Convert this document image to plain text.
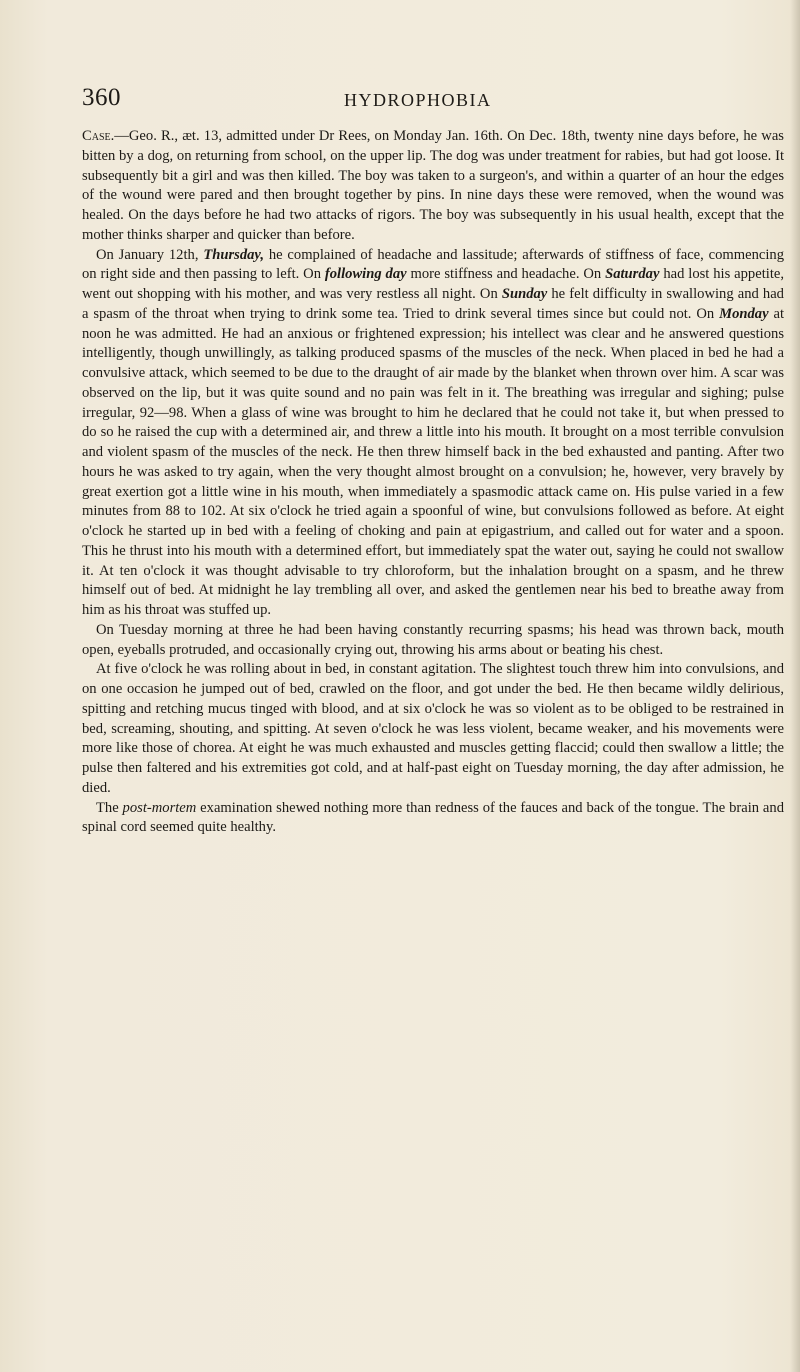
360	HYDROPHOBIA

Case.—Geo. R., æt. 13, admitted under Dr Rees, on Monday Jan. 16th. On Dec. 18th, twenty nine days before, he was bitten by a dog, on returning from school, on the upper lip. The dog was under treatment for rabies, but had got loose. It subsequently bit a girl and was then killed. The boy was taken to a surgeon's, and within a quarter of an hour the edges of the wound were pared and then brought together by pins. In nine days these were removed, when the wound was healed. On the days before he had two attacks of rigors. The boy was subsequently in his usual health, except that the mother thinks sharper and quicker than before.

On January 12th, Thursday, he complained of headache and lassitude; afterwards of stiffness of face, commencing on right side and then passing to left. On following day more stiffness and headache. On Saturday had lost his appetite, went out shopping with his mother, and was very restless all night. On Sunday he felt difficulty in swallowing and had a spasm of the throat when trying to drink some tea. Tried to drink several times since but could not. On Monday at noon he was admitted. He had an anxious or frightened expression; his intellect was clear and he answered questions intelligently, though unwillingly, as talking produced spasms of the muscles of the neck. When placed in bed he had a convulsive attack, which seemed to be due to the draught of air made by the blanket when thrown over him. A scar was observed on the lip, but it was quite sound and no pain was felt in it. The breathing was irregular and sighing; pulse irregular, 92—98. When a glass of wine was brought to him he declared that he could not take it, but when pressed to do so he raised the cup with a determined air, and threw a little into his mouth. It brought on a most terrible convulsion and violent spasm of the muscles of the neck. He then threw himself back in the bed exhausted and panting. After two hours he was asked to try again, when the very thought almost brought on a convulsion; he, however, very bravely by great exertion got a little wine in his mouth, when immediately a spasmodic attack came on. His pulse varied in a few minutes from 88 to 102. At six o'clock he tried again a spoonful of wine, but convulsions followed as before. At eight o'clock he started up in bed with a feeling of choking and pain at epigastrium, and called out for water and a spoon. This he thrust into his mouth with a determined effort, but immediately spat the water out, saying he could not swallow it. At ten o'clock it was thought advisable to try chloroform, but the inhalation brought on a spasm, and he threw himself out of bed. At midnight he lay trembling all over, and asked the gentlemen near his bed to breathe away from him as his throat was stuffed up.

On Tuesday morning at three he had been having constantly recurring spasms; his head was thrown back, mouth open, eyeballs protruded, and occasionally crying out, throwing his arms about or beating his chest.

At five o'clock he was rolling about in bed, in constant agitation. The slightest touch threw him into convulsions, and on one occasion he jumped out of bed, crawled on the floor, and got under the bed. He then became wildly delirious, spitting and retching mucus tinged with blood, and at six o'clock he was so violent as to be obliged to be restrained in bed, screaming, shouting, and spitting. At seven o'clock he was less violent, became weaker, and his movements were more like those of chorea. At eight he was much exhausted and muscles getting flaccid; could then swallow a little; the pulse then faltered and his extremities got cold, and at half-past eight on Tuesday morning, the day after admission, he died.

The post-mortem examination shewed nothing more than redness of the fauces and back of the tongue. The brain and spinal cord seemed quite healthy.
